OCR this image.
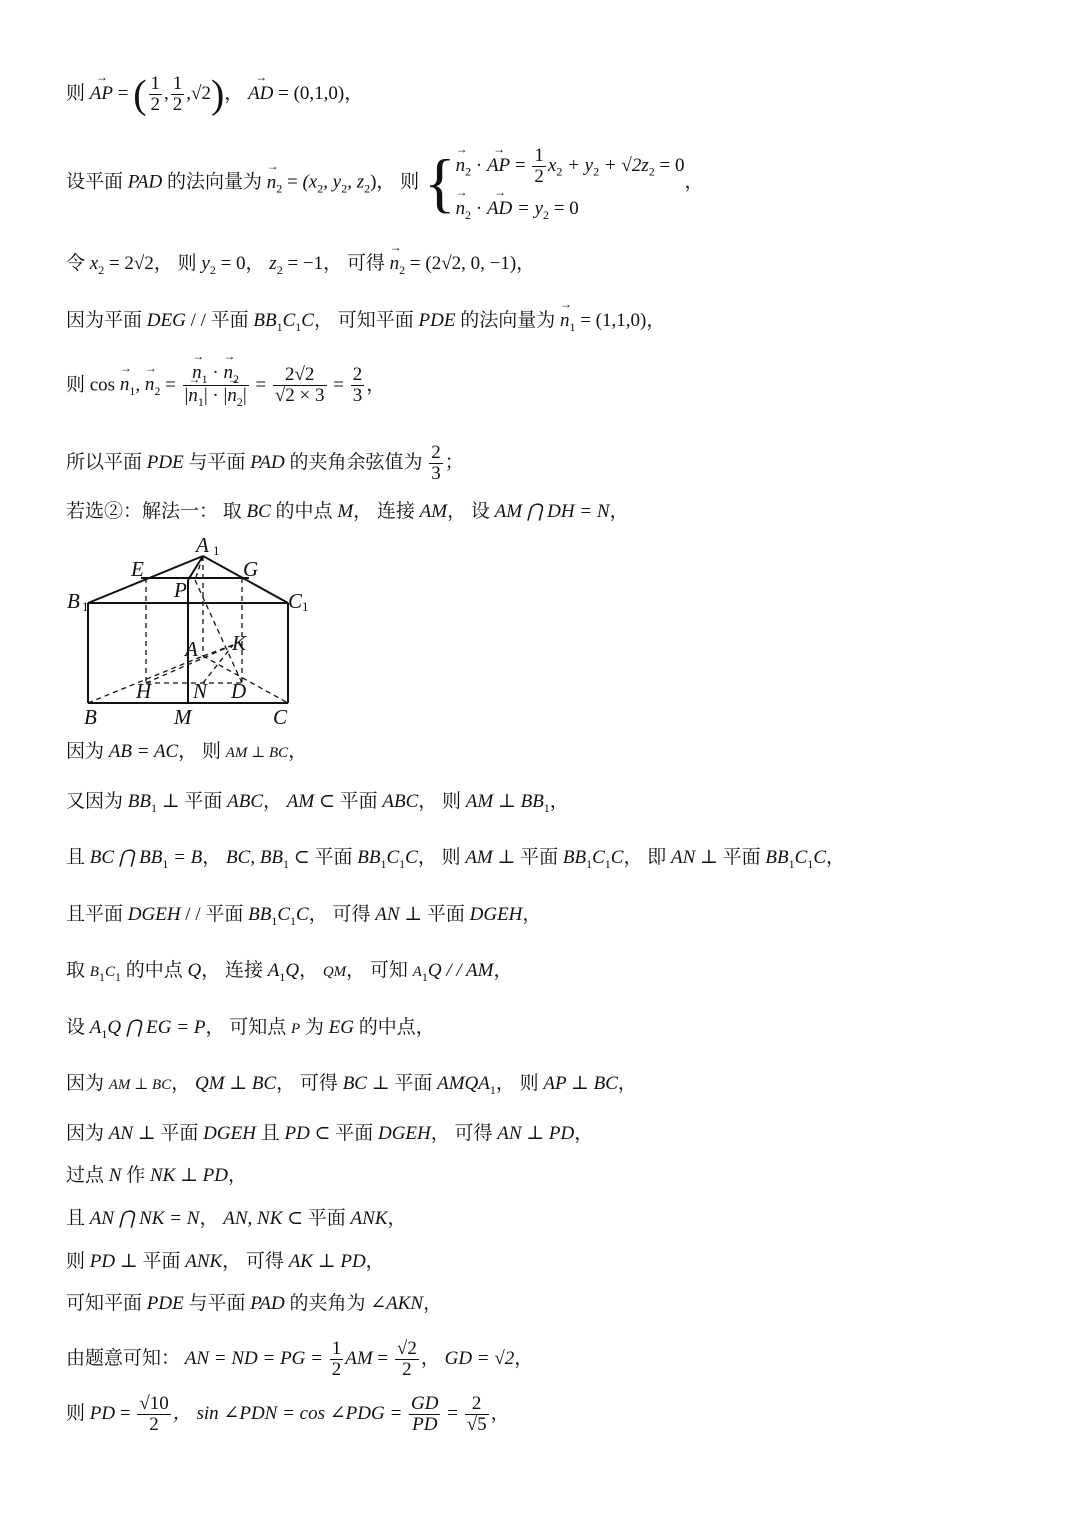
则 AP → = ( $\frac{1}{2}$ , $\frac{1}{2} ,√2$)， AD → = (0,1,0)，
设平面 PAD 的法向量为 $n \to_2 = (x_2$, $y_2$, $z_2$)， 则 { $n \to_2$ · AP → = $\frac{1}{2} x_2 + y_2 + √2z_2 = 0$
$n \to_2$ · AD → = $y_2 = 0$
，
令 $x_2 = 2√2$， 则 $y_2 = 0$， $z_2 = -1$， 可得 $n \to_2 = (2√2$, 0, −1)，
因为平面 DEG / / 平面 $BB_1C_1C$， 可知平面 PDE 的法向量为 $n \to_1 = (1,1,0)$，
则 $\cos n \to_1$, $n \to_2 = \frac{n \to_1 \cdot n \to_2}{|n \to_1| \cdot |n \to_2|} = \frac{2√2}{√2 \times 3} = \frac{2}{3}$ ，
所以平面 PDE 与平面 PAD 的夹角余弦值为 $\frac{2}{3}$ ；
若选②：解法一： 取 BC 的中点 M， 连接 AM， 设 AM ⋂ DH = N，
A 1
E	G
P
B 1	C 1
A K
H N D
B	M	C
因为 AB = AC， 则 AM ⊥ BC，
又因为 $BB_1$ ⊥ 平面 ABC， AM ⊂ 平面 ABC， 则 AM ⊥ $BB_1$，
且 BC ⋂ $BB_1 = B$， BC, $BB_1$ ⊂ 平面 $BB_1C_1C$， 则 AM ⊥ 平面 $BB_1C_1C$， 即 AN ⊥ 平面 $BB_1C_1C$，
且平面 DGEH / / 平面 $BB_1C_1C$， 可得 AN ⊥ 平面 DGEH，
取 $B_1C_1$ 的中点 Q， 连接 $A_1Q$， QM， 可知 $A_1Q$ / / AM，
设 $A_1Q$ ⋂ EG = P， 可知点 P 为 EG 的中点，
因为 AM ⊥ BC， QM ⊥ BC， 可得 BC ⊥ 平面 $AMQA_1$， 则 AP ⊥ BC，
因为 AN ⊥ 平面 DGEH 且 PD ⊂ 平面 DGEH， 可得 AN ⊥ PD，
过点 N 作 NK ⊥ PD，
且 AN ⋂ NK = N， AN, NK ⊂ 平面 ANK，
则 PD ⊥ 平面 ANK， 可得 AK ⊥ PD，
可知平面 PDE 与平面 PAD 的夹角为 ∠AKN，
由题意可知： AN = ND = PG = $\frac{1}{2}$ AM = $\frac{√2}{2}$ ， GD = √2，
则 PD = $\frac{√10}{2}$ ， sin ∠PDN = cos ∠PDG = $\frac{GD}{PD} = \frac{2}{√5}$ ，
